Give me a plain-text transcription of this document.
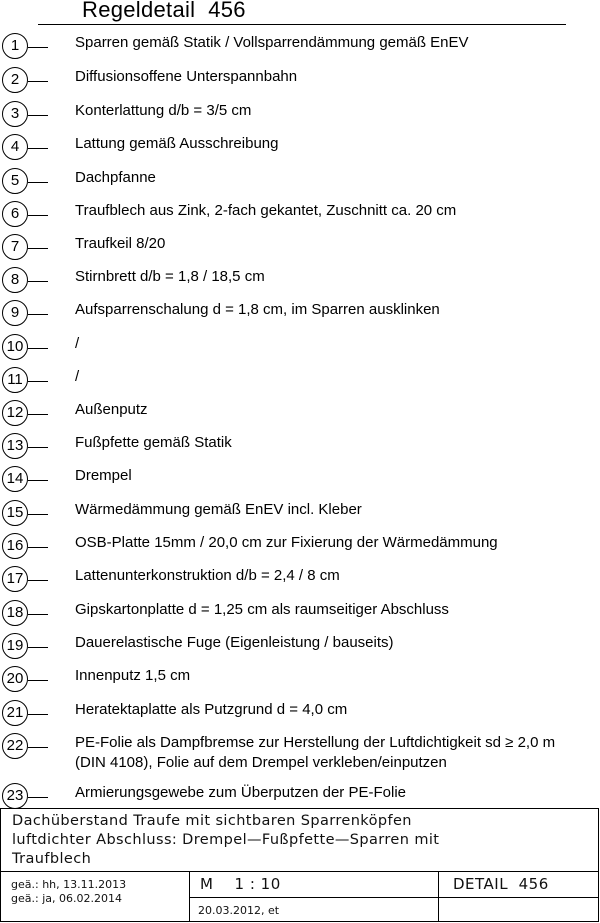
Regeldetail  456
1	Sparren gemäß Statik / Vollsparrendämmung gemäß EnEV
2	Diffusionsoffene Unterspannbahn
3	Konterlattung d/b = 3/5 cm
4	Lattung gemäß Ausschreibung
5	Dachpfanne
6	Traufblech aus Zink, 2-fach gekantet, Zuschnitt ca. 20 cm
7	Traufkeil 8/20
8	Stirnbrett d/b = 1,8 / 18,5 cm
9	Aufsparrenschalung d = 1,8 cm, im Sparren ausklinken
10	/
11	/
12	Außenputz
13	Fußpfette gemäß Statik
14	Drempel
15	Wärmedämmung gemäß EnEV incl. Kleber
16	OSB-Platte 15mm / 20,0 cm zur Fixierung der Wärmedämmung
17	Lattenunterkonstruktion d/b = 2,4 / 8 cm
18	Gipskartonplatte d = 1,25 cm als raumseitiger Abschluss
19	Dauerelastische Fuge (Eigenleistung / bauseits)
20	Innenputz 1,5 cm
21	Heratektaplatte als Putzgrund d = 4,0 cm
22	PE-Folie als Dampfbremse zur Herstellung der Luftdichtigkeit sd ≥ 2,0 m
(DIN 4108), Folie auf dem Drempel verkleben/einputzen
23	Armierungsgewebe zum Überputzen der PE-Folie
Dachüberstand Traufe mit sichtbaren Sparrenköpfen
luftdichter Abschluss: Drempel—Fußpfette—Sparren mit
Traufblech
geä.: hh, 13.11.2013
geä.: ja, 06.02.2014
M    1 : 10
20.03.2012, et
DETAIL  456
